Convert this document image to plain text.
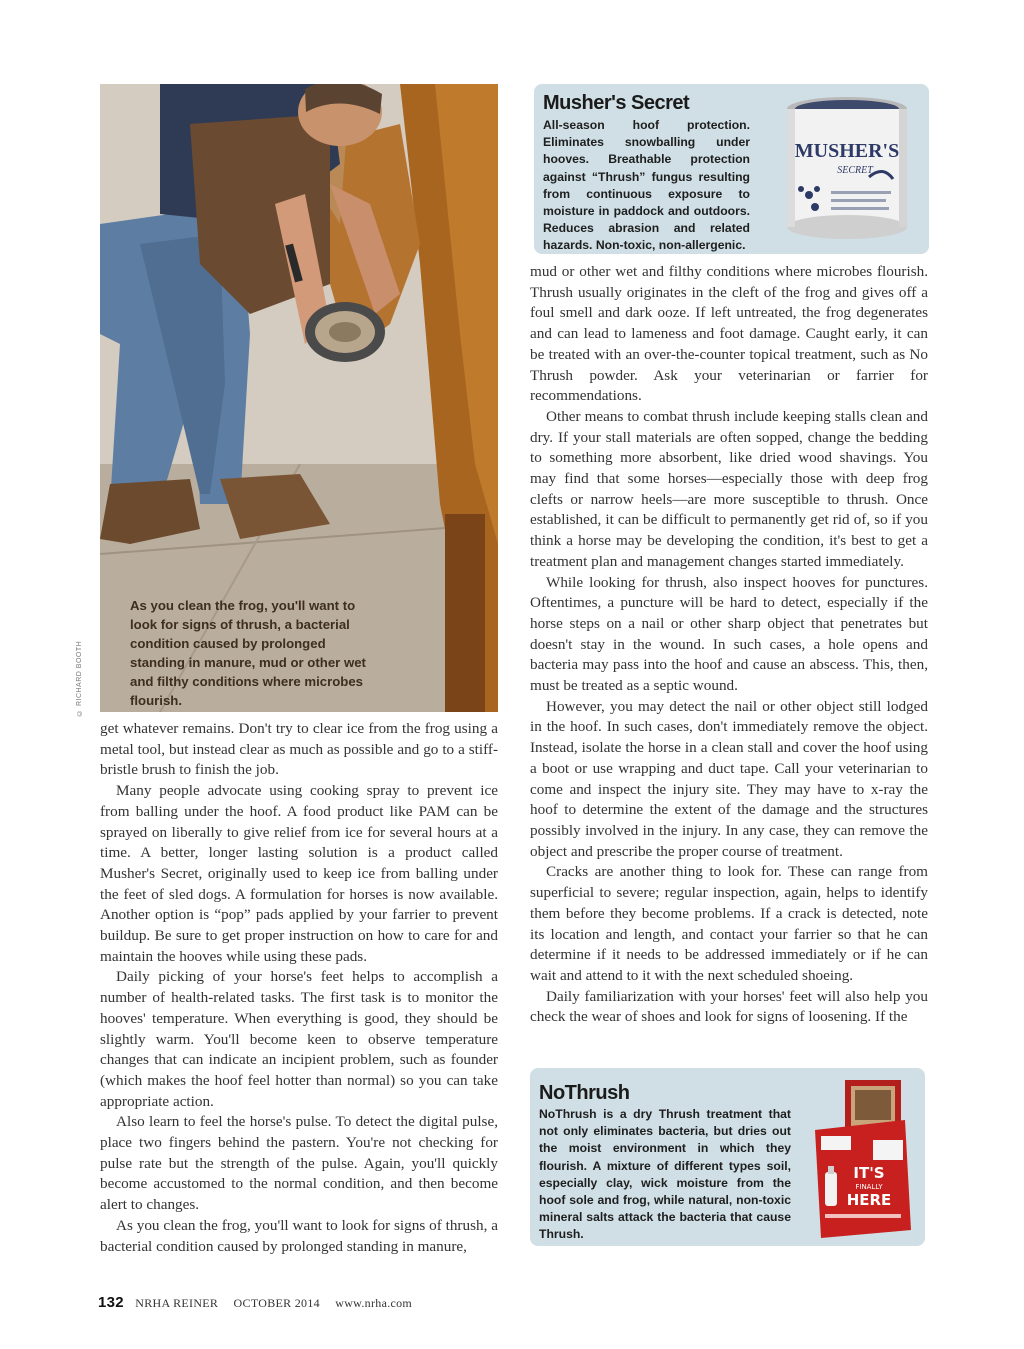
As you clean the frog, you'll want to look for signs of thrush, a bacterial condition caused by prolonged standing in manure, mud or other wet and filthy conditions where microbes flourish.
© RICHARD BOOTH
Musher's Secret
All-season hoof protection. Eliminates snowballing under hooves. Breathable protection against “Thrush” fungus resulting from continuous exposure to moisture in paddock and outdoors. Reduces abrasion and related hazards. Non-toxic, non-allergenic.
MUSHER'S
SECRET

get whatever remains. Don't try to clear ice from the frog using a metal tool, but instead clear as much as possible and go to a stiff-bristle brush to finish the job.

Many people advocate using cooking spray to prevent ice from balling under the hoof. A food product like PAM can be sprayed on liberally to give relief from ice for several hours at a time. A better, longer lasting solution is a product called Musher's Secret, originally used to keep ice from balling under the feet of sled dogs. A formulation for horses is now available. Another option is “pop” pads applied by your farrier to prevent buildup. Be sure to get proper instruction on how to care for and maintain the hooves while using these pads.

Daily picking of your horse's feet helps to accomplish a number of health-related tasks. The first task is to monitor the hooves' temperature. When everything is good, they should be slightly warm. You'll become keen to observe temperature changes that can indicate an incipient problem, such as founder (which makes the hoof feel hotter than normal) so you can take appropriate action.

Also learn to feel the horse's pulse. To detect the digital pulse, place two fingers behind the pastern. You're not checking for pulse rate but the strength of the pulse. Again, you'll quickly become accustomed to the normal condition, and then become alert to changes.

As you clean the frog, you'll want to look for signs of thrush, a bacterial condition caused by prolonged standing in manure,

mud or other wet and filthy conditions where microbes flourish. Thrush usually originates in the cleft of the frog and gives off a foul smell and dark ooze. If left untreated, the frog degenerates and can lead to lameness and foot damage. Caught early, it can be treated with an over-the-counter topical treatment, such as No Thrush powder. Ask your veterinarian or farrier for recommendations.

Other means to combat thrush include keeping stalls clean and dry. If your stall materials are often sopped, change the bedding to something more absorbent, like dried wood shavings. You may find that some horses—especially those with deep frog clefts or narrow heels—are more susceptible to thrush. Once established, it can be difficult to permanently get rid of, so if you think a horse may be developing the condition, it's best to get a treatment plan and management changes started immediately.

While looking for thrush, also inspect hooves for punctures. Oftentimes, a puncture will be hard to detect, especially if the horse steps on a nail or other sharp object that penetrates but doesn't stay in the wound. In such cases, a hole opens and bacteria may pass into the hoof and cause an abscess. This, then, must be treated as a septic wound.

However, you may detect the nail or other object still lodged in the hoof. In such cases, don't immediately remove the object. Instead, isolate the horse in a clean stall and cover the hoof using a boot or use wrapping and duct tape. Call your veterinarian to come and inspect the injury site. They may have to x-ray the hoof to determine the extent of the damage and the structures possibly involved in the injury. In any case, they can remove the object and prescribe the proper course of treatment.

Cracks are another thing to look for. These can range from superficial to severe; regular inspection, again, helps to identify them before they become problems. If a crack is detected, note its location and length, and contact your farrier so that he can determine if it needs to be addressed immediately or if he can wait and attend to it with the next scheduled shoeing.

Daily familiarization with your horses' feet will also help you check the wear of shoes and look for signs of loosening. If the

NoThrush
NoThrush is a dry Thrush treatment that not only eliminates bacteria, but dries out the moist environment in which they flourish. A mixture of different types soil, especially clay, wick moisture from the hoof sole and frog, while natural, non-toxic mineral salts attack the bacteria that cause Thrush.
IT'S
FINALLY
HERE
132 NRHA REINER OCTOBER 2014 www.nrha.com
